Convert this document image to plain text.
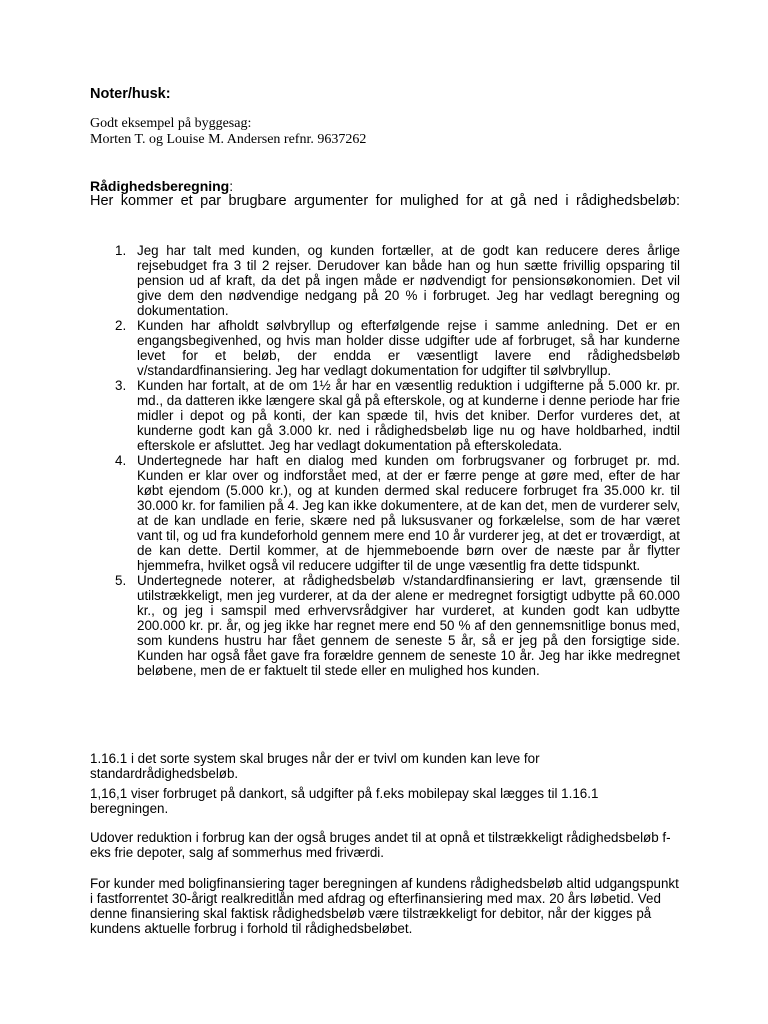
Noter/husk:
Godt eksempel på byggesag:
Morten T. og Louise M. Andersen refnr. 9637262
Rådighedsberegning:
Her kommer et par brugbare argumenter for mulighed for at gå ned i rådighedsbeløb:
1. Jeg har talt med kunden, og kunden fortæller, at de godt kan reducere deres årlige rejsebudget fra 3 til 2 rejser. Derudover kan både han og hun sætte frivillig opsparing til pension ud af kraft, da det på ingen måde er nødvendigt for pensionsøkonomien. Det vil give dem den nødvendige nedgang på 20 % i forbruget. Jeg har vedlagt beregning og dokumentation.
2. Kunden har afholdt sølvbryllup og efterfølgende rejse i samme anledning. Det er en engangsbegivenhed, og hvis man holder disse udgifter ude af forbruget, så har kunderne levet for et beløb, der endda er væsentligt lavere end rådighedsbeløb v/standardfinansiering. Jeg har vedlagt dokumentation for udgifter til sølvbryllup.
3. Kunden har fortalt, at de om 1½ år har en væsentlig reduktion i udgifterne på 5.000 kr. pr. md., da datteren ikke længere skal gå på efterskole, og at kunderne i denne periode har frie midler i depot og på konti, der kan spæde til, hvis det kniber. Derfor vurderes det, at kunderne godt kan gå 3.000 kr. ned i rådighedsbeløb lige nu og have holdbarhed, indtil efterskole er afsluttet. Jeg har vedlagt dokumentation på efterskoledata.
4. Undertegnede har haft en dialog med kunden om forbrugsvaner og forbruget pr. md. Kunden er klar over og indforstået med, at der er færre penge at gøre med, efter de har købt ejendom (5.000 kr.), og at kunden dermed skal reducere forbruget fra 35.000 kr. til 30.000 kr. for familien på 4. Jeg kan ikke dokumentere, at de kan det, men de vurderer selv, at de kan undlade en ferie, skære ned på luksusvaner og forkælelse, som de har været vant til, og ud fra kundeforhold gennem mere end 10 år vurderer jeg, at det er troværdigt, at de kan dette. Dertil kommer, at de hjemmeboende børn over de næste par år flytter hjemmefra, hvilket også vil reducere udgifter til de unge væsentlig fra dette tidspunkt.
5. Undertegnede noterer, at rådighedsbeløb v/standardfinansiering er lavt, grænsende til utilstrækkeligt, men jeg vurderer, at da der alene er medregnet forsigtigt udbytte på 60.000 kr., og jeg i samspil med erhvervsrådgiver har vurderet, at kunden godt kan udbytte 200.000 kr. pr. år, og jeg ikke har regnet mere end 50 % af den gennemsnitlige bonus med, som kundens hustru har fået gennem de seneste 5 år, så er jeg på den forsigtige side. Kunden har også fået gave fra forældre gennem de seneste 10 år. Jeg har ikke medregnet beløbene, men de er faktuelt til stede eller en mulighed hos kunden.
1.16.1 i det sorte system skal bruges når der er tvivl om kunden kan leve for standardrådighedsbeløb.
1,16,1 viser forbruget på dankort, så udgifter på f.eks mobilepay skal lægges til 1.16.1 beregningen.
Udover reduktion i forbrug kan der også bruges andet til at opnå et tilstrækkeligt rådighedsbeløb f-eks frie depoter, salg af sommerhus med friværdi.
For kunder med boligfinansiering tager beregningen af kundens rådighedsbeløb altid udgangspunkt i fastforrentet 30-årigt realkreditlån med afdrag og efterfinansiering med max. 20 års løbetid. Ved denne finansiering skal faktisk rådighedsbeløb være tilstrækkeligt for debitor, når der kigges på kundens aktuelle forbrug i forhold til rådighedsbeløbet.
